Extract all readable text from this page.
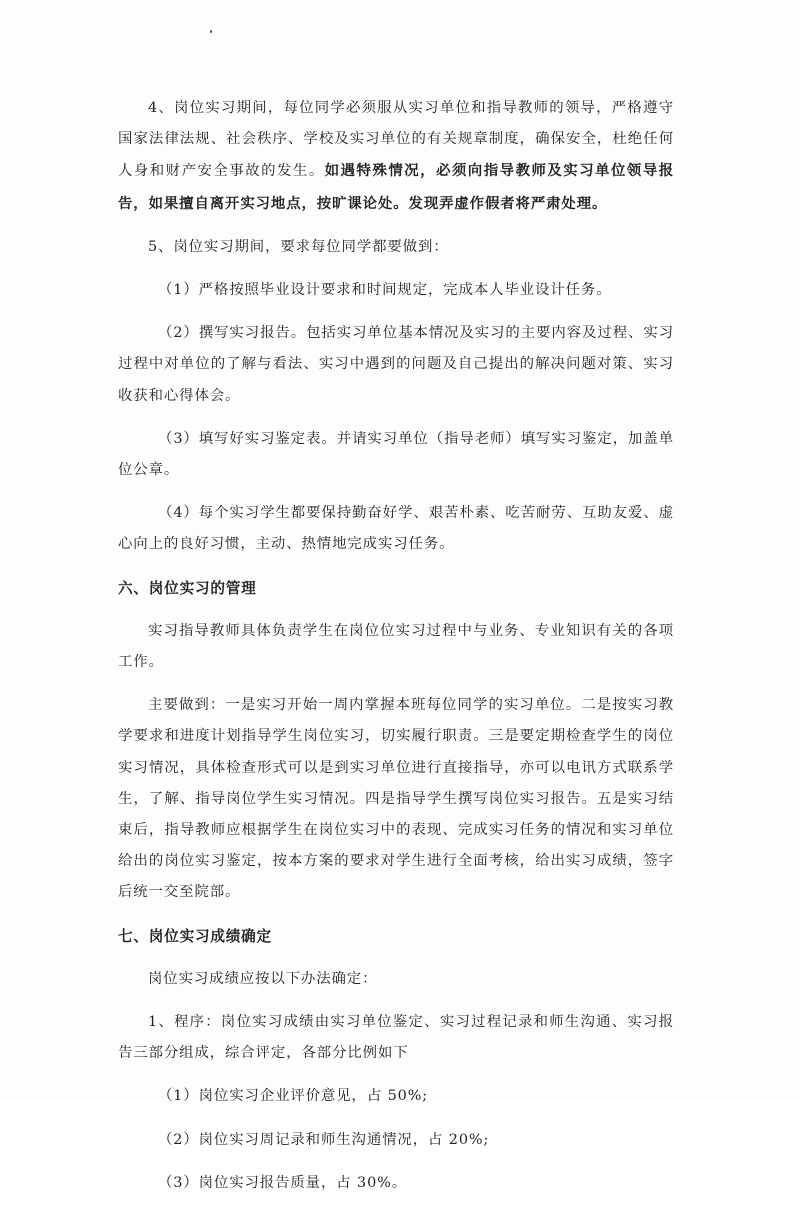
4、岗位实习期间，每位同学必须服从实习单位和指导教师的领导，严格遵守国家法律法规、社会秩序、学校及实习单位的有关规章制度，确保安全，杜绝任何人身和财产安全事故的发生。如遇特殊情况，必须向指导教师及实习单位领导报告，如果擅自离开实习地点，按旷课论处。发现弄虚作假者将严肃处理。

5、岗位实习期间，要求每位同学都要做到：

（1）严格按照毕业设计要求和时间规定，完成本人毕业设计任务。

（2）撰写实习报告。包括实习单位基本情况及实习的主要内容及过程、实习过程中对单位的了解与看法、实习中遇到的问题及自己提出的解决问题对策、实习收获和心得体会。

（3）填写好实习鉴定表。并请实习单位（指导老师）填写实习鉴定，加盖单位公章。

（4）每个实习学生都要保持勤奋好学、艰苦朴素、吃苦耐劳、互助友爱、虚心向上的良好习惯，主动、热情地完成实习任务。

六、岗位实习的管理

实习指导教师具体负责学生在岗位位实习过程中与业务、专业知识有关的各项工作。

主要做到：一是实习开始一周内掌握本班每位同学的实习单位。二是按实习教学要求和进度计划指导学生岗位实习，切实履行职责。三是要定期检查学生的岗位实习情况，具体检查形式可以是到实习单位进行直接指导，亦可以电讯方式联系学生，了解、指导岗位学生实习情况。四是指导学生撰写岗位实习报告。五是实习结束后，指导教师应根据学生在岗位实习中的表现、完成实习任务的情况和实习单位给出的岗位实习鉴定，按本方案的要求对学生进行全面考核，给出实习成绩，签字后统一交至院部。

七、岗位实习成绩确定

岗位实习成绩应按以下办法确定：

1、程序：岗位实习成绩由实习单位鉴定、实习过程记录和师生沟通、实习报告三部分组成，综合评定，各部分比例如下

（1）岗位实习企业评价意见，占 50%;

（2）岗位实习周记录和师生沟通情况，占 20%;

（3）岗位实习报告质量，占 30%。
